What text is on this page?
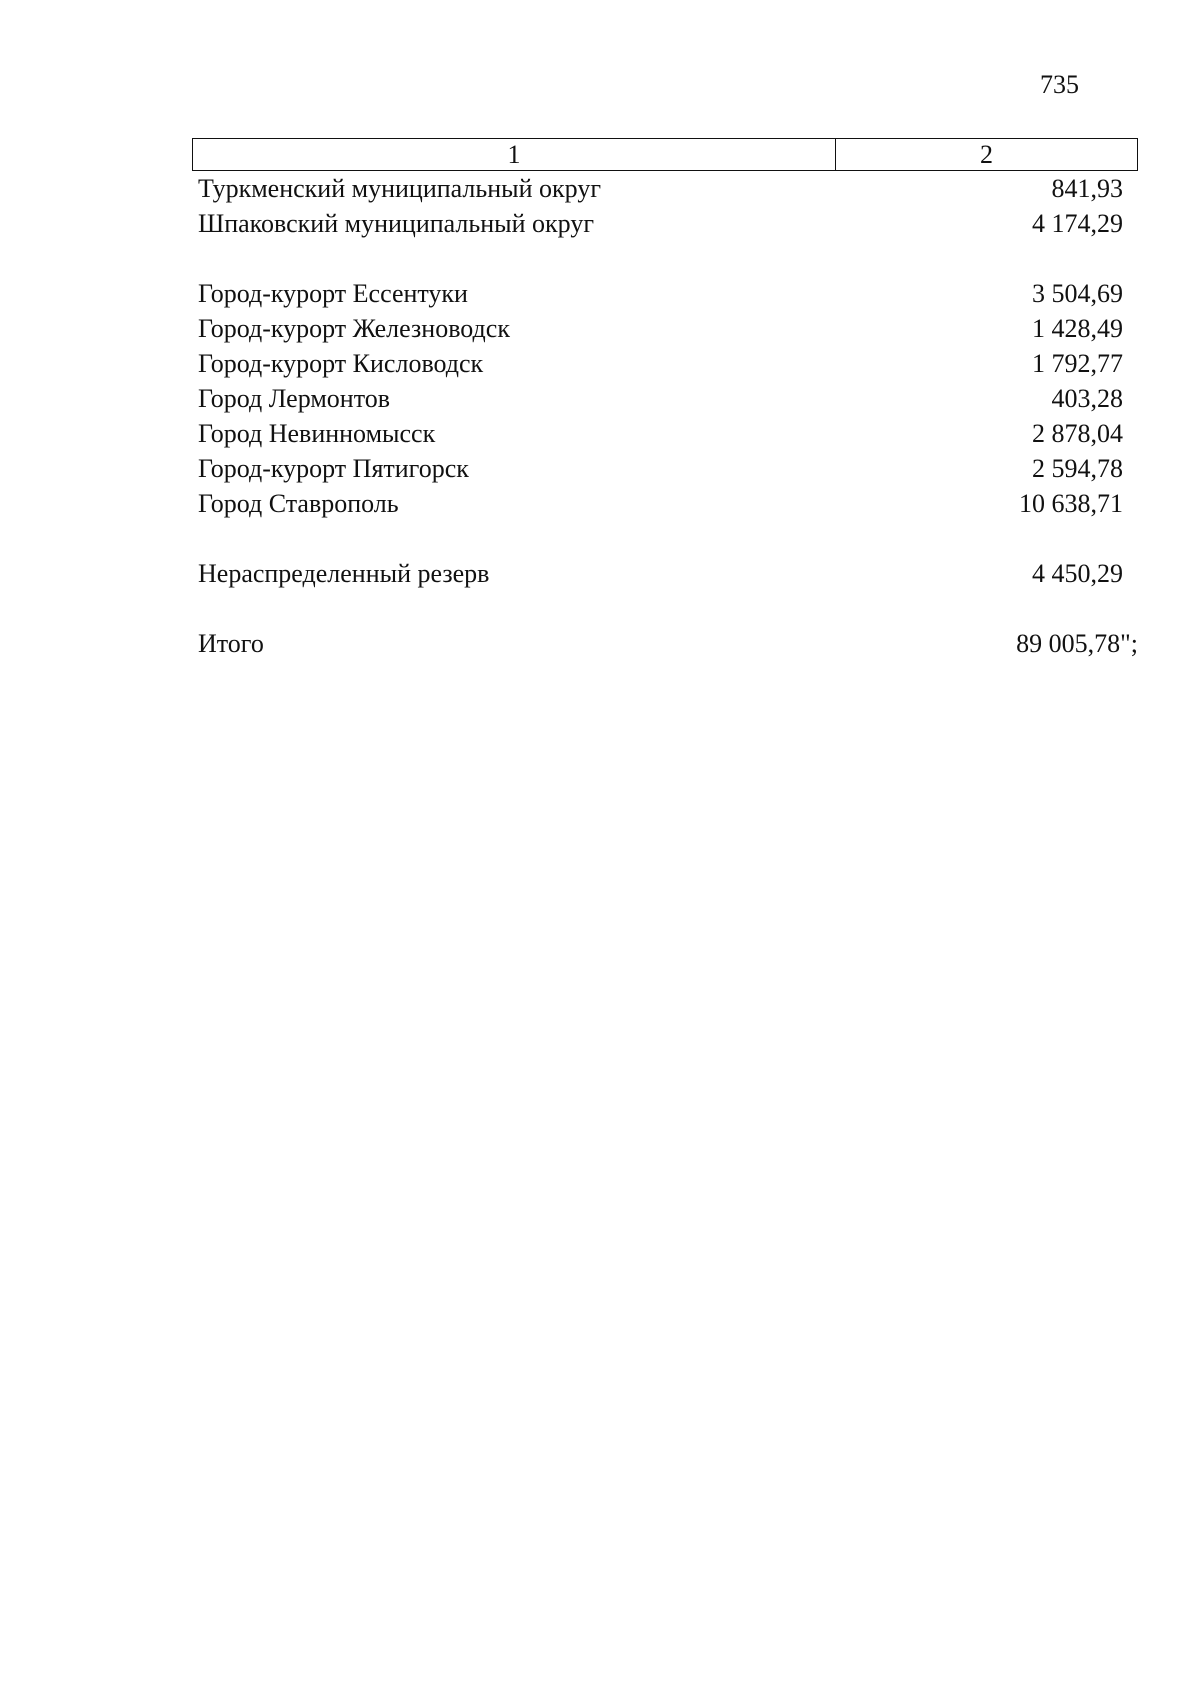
735
1	2
Туркменский муниципальный округ	841,93
Шпаковский муниципальный округ	4 174,29
Город-курорт Ессентуки	3 504,69
Город-курорт Железноводск	1 428,49
Город-курорт Кисловодск	1 792,77
Город Лермонтов	403,28
Город Невинномысск	2 878,04
Город-курорт Пятигорск	2 594,78
Город Ставрополь	10 638,71
Нераспределенный резерв	4 450,29
Итого	89 005,78";
